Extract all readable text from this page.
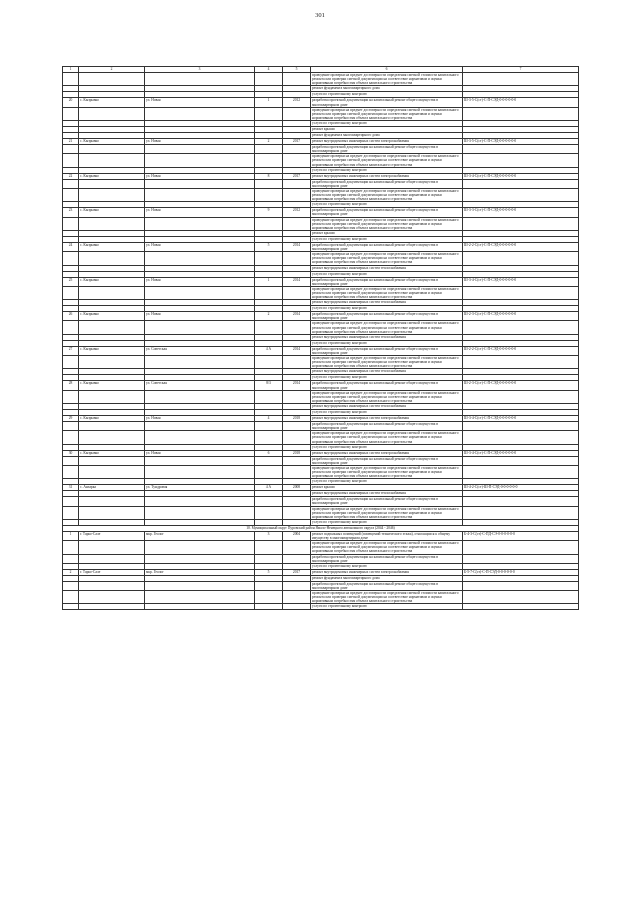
301
1	2	3	4	5	6	7
					проведение проверки на предмет достоверности определения сметной стоимости капитального ремонта или проверки сметной документации на соответствие нормативам и оценки нормативным потребностям объекта капитального строительства	
					ремонт фундамента многоквартирного дома	
					услуги по строительному контролю	
20	с. Кызрывко	ул. Новая	1	2012	разработка проектной документации на капитальный ремонт общего имущества в многоквартирном доме	Ш-3-5-С(ст)-С-П-СЭД-0-0-0-0-0-0
					проведение проверки на предмет достоверности определения сметной стоимости капитального ремонта или проверки сметной документации на соответствие нормативам и оценки нормативным потребностям объекта капитального строительства	
					услуги по строительному контролю	
					ремонт крыши	
					ремонт фундамента многоквартирного дома	
21	с. Кызрывко	ул. Новая	2	2017	ремонт внутридомовых инженерных систем электроснабжения	Ш-3-5-С(ст)-С-П-СЭД-0-0-0-0-0-0
					разработка проектной документации на капитальный ремонт общего имущества в многоквартирном доме	
					проведение проверки на предмет достоверности определения сметной стоимости капитального ремонта или проверки сметной документации на соответствие нормативам и оценки нормативным потребностям объекта капитального строительства	
					услуги по строительному контролю	
22	с. Кызрывко	ул. Новая	8	2017	ремонт внутридомовых инженерных систем электроснабжения	Ш-3-4-С(ст)-С-П-СЭД-0-0-0-0-0-0
					разработка проектной документации на капитальный ремонт общего имущества в многоквартирном доме	
					проведение проверки на предмет достоверности определения сметной стоимости капитального ремонта или проверки сметной документации на соответствие нормативам и оценки нормативным потребностям объекта капитального строительства	
					услуги по строительному контролю	
23	с. Кызрывко	ул. Новая	9	2012	разработка проектной документации на капитальный ремонт общего имущества в многоквартирном доме	Ш-3-3-С(ст)-С-П-СЭД-0-0-0-0-0-0
					проведение проверки на предмет достоверности определения сметной стоимости капитального ремонта или проверки сметной документации на соответствие нормативам и оценки нормативным потребностям объекта капитального строительства	
					ремонт крыши	
					услуги по строительному контролю	
24	с. Кызрывко	ул. Новая	5	2014	разработка проектной документации на капитальный ремонт общего имущества в многоквартирном доме	Ш-2-2-С(ст)-С-П-СЭД-0-0-0-0-0-0
					проведение проверки на предмет достоверности определения сметной стоимости капитального ремонта или проверки сметной документации на соответствие нормативам и оценки нормативным потребностям объекта капитального строительства	
					ремонт внутридомовых инженерных систем теплоснабжения	
					услуги по строительному контролю	
25	с. Кызрывко	ул. Новая	1	2014	разработка проектной документации на капитальный ремонт общего имущества в многоквартирном доме	Ш-3-4-С(ст)-С-П-СЭД-0-0-0-0-0-0
					проведение проверки на предмет достоверности определения сметной стоимости капитального ремонта или проверки сметной документации на соответствие нормативам и оценки нормативным потребностям объекта капитального строительства	
					ремонт внутридомовых инженерных систем теплоснабжения	
					услуги по строительному контролю	
26	с. Кызрывко	ул. Новая	2	2014	разработка проектной документации на капитальный ремонт общего имущества в многоквартирном доме	Ш-2-3-С(ст)-С-П-СЭД-0-0-0-0-0-0
					проведение проверки на предмет достоверности определения сметной стоимости капитального ремонта или проверки сметной документации на соответствие нормативам и оценки нормативным потребностям объекта капитального строительства	
					ремонт внутридомовых инженерных систем теплоснабжения	
					услуги по строительному контролю	
27	с. Кызрывко	ул. Советская	4 А	2014	разработка проектной документации на капитальный ремонт общего имущества в многоквартирном доме	Ш-2-2-С(ст)-С-П-СЭД-0-0-0-0-0-0
					проведение проверки на предмет достоверности определения сметной стоимости капитального ремонта или проверки сметной документации на соответствие нормативам и оценки нормативным потребностям объекта капитального строительства	
					ремонт внутридомовых инженерных систем теплоснабжения	
					услуги по строительному контролю	
28	с. Кызрывко	ул. Советская	8/3	2014	разработка проектной документации на капитальный ремонт общего имущества в многоквартирном доме	Ш-2-3-С(ст)-С-П-СЭД-0-0-0-0-0-0
					проведение проверки на предмет достоверности определения сметной стоимости капитального ремонта или проверки сметной документации на соответствие нормативам и оценки нормативным потребностям объекта капитального строительства	
					ремонт внутридомовых инженерных систем теплоснабжения	
					услуги по строительному контролю	
29	с. Кызрывко	ул. Новая	4	2018	ремонт внутридомовых инженерных систем электроснабжения	Ш-3-4-С(ст)-С-П-СЭД-0-0-0-0-0-0
					разработка проектной документации на капитальный ремонт общего имущества в многоквартирном доме	
					проведение проверки на предмет достоверности определения сметной стоимости капитального ремонта или проверки сметной документации на соответствие нормативам и оценки нормативным потребностям объекта капитального строительства	
					услуги по строительному контролю	
30	с. Кызрывко	ул. Новая	6	2018	ремонт внутридомовых инженерных систем электроснабжения	Ш-3-4-С(ст)-С-П-СЭД-0-0-0-0-0-0
					разработка проектной документации на капитальный ремонт общего имущества в многоквартирном доме	
					проведение проверки на предмет достоверности определения сметной стоимости капитального ремонта или проверки сметной документации на соответствие нормативам и оценки нормативным потребностям объекта капитального строительства	
					услуги по строительному контролю	
31	с. Анзарка	ул. Тундровая	4 А	2008	ремонт крыши	Ш-4-2-С(ст)-Ш-П-СЭД-0-0-0-0-0-0
					ремонт внутридомовых инженерных систем теплоснабжения	
					разработка проектной документации на капитальный ремонт общего имущества в многоквартирном доме	
					проведение проверки на предмет достоверности определения сметной стоимости капитального ремонта или проверки сметной документации на соответствие нормативам и оценки нормативным потребностям объекта капитального строительства	
					услуги по строительному контролю	
10. Муниципальный округ Пуровский район Ямало-Ненецкого автономного округа (2044 - 2046)						
1	г. Тарко-Сале	мкр. Геолог	3	2004	ремонт подвальных помещений (помещений технического этажа), относящихся к общему имуществу в многоквартирном доме	Б-4-3-С(ст)-С-ПД-СЭ-0-0-0-0-0-0
					проведение проверки на предмет достоверности определения сметной стоимости капитального ремонта или проверки сметной документации на соответствие нормативам и оценки нормативным потребностям объекта капитального строительства	
					разработка проектной документации на капитальный ремонт общего имущества в многоквартирном доме	
					услуги по строительному контролю	
2	г. Тарко-Сале	мкр. Геолог	5	2017	ремонт внутридомовых инженерных систем электроснабжения	Б-5-7-С(ст)-С-П-СЭД-0-0-0-0-0-0
					ремонт фундамента многоквартирного дома	
					разработка проектной документации на капитальный ремонт общего имущества в многоквартирном доме	
					проведение проверки на предмет достоверности определения сметной стоимости капитального ремонта или проверки сметной документации на соответствие нормативам и оценки нормативным потребностям объекта капитального строительства	
					услуги по строительному контролю	
